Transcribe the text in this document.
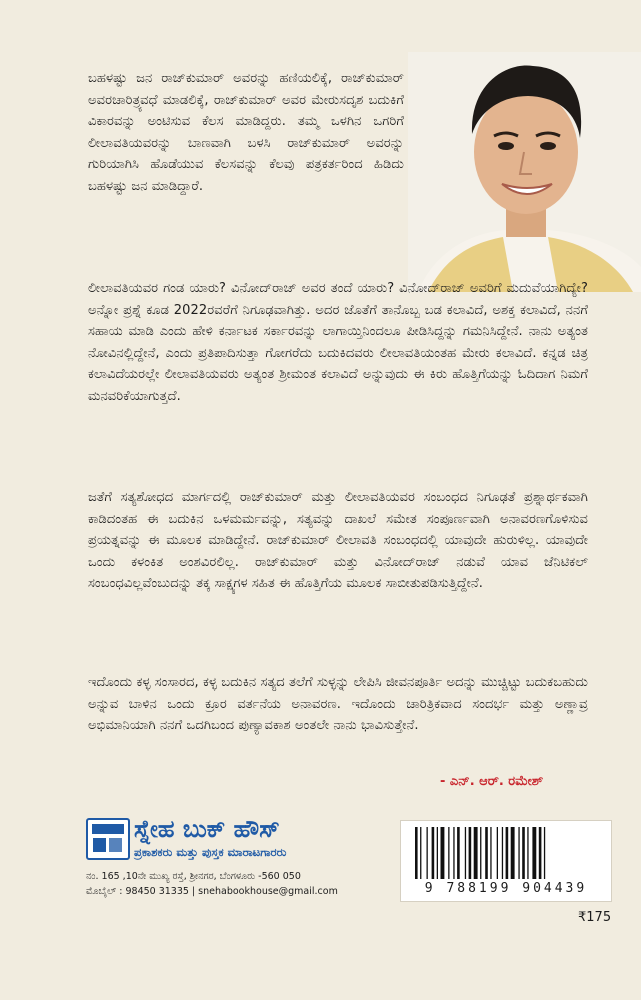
ಬಹಳಷ್ಟು ಜನ ರಾಜ್‌ಕುಮಾರ್ ಅವರನ್ನು ಹಣಿಯಲಿಕ್ಕೆ, ರಾಜ್‌ಕುಮಾರ್ ಅವರಚಾರಿತ್ರ್ಯವಧೆ ಮಾಡಲಿಕ್ಕೆ, ರಾಜ್‌ಕುಮಾರ್ ಅವರ ಮೇರುಸದೃಶ ಬದುಕಿಗೆ ವಿಕಾರವನ್ನು ಅಂಟಿಸುವ ಕೆಲಸ ಮಾಡಿದ್ದರು. ತಮ್ಮ ಒಳಗಿನ ಒಗರಿಗೆ ಲೀಲಾವತಿಯವರನ್ನು ಬಾಣವಾಗಿ ಬಳಸಿ ರಾಜ್‌ಕುಮಾರ್ ಅವರನ್ನು ಗುರಿಯಾಗಿಸಿ ಹೊಡೆಯುವ ಕೆಲಸವನ್ನು ಕೆಲವು ಪತ್ರಕರ್ತರಿಂದ ಹಿಡಿದು ಬಹಳಷ್ಟು ಜನ ಮಾಡಿದ್ದಾರೆ.

ಲೀಲಾವತಿಯವರ ಗಂಡ ಯಾರು? ವಿನೋದ್‌ರಾಜ್ ಅವರ ತಂದೆ ಯಾರು? ವಿನೋದ್‌ರಾಜ್ ಅವರಿಗೆ ಮದುವೆಯಾಗಿದ್ಯೇ? ಅನ್ನೋ ಪ್ರಶ್ನೆ ಕೂಡ 2022ರವರೆಗೆ ನಿಗೂಢವಾಗಿತ್ತು. ಅದರ ಜೊತೆಗೆ ತಾನೊಬ್ಬ ಬಡ ಕಲಾವಿದೆ, ಅಶಕ್ತ ಕಲಾವಿದೆ, ನನಗೆ ಸಹಾಯ ಮಾಡಿ ಎಂದು ಹೇಳಿ ಕರ್ನಾಟಕ ಸರ್ಕಾರವನ್ನು ಲಾಗಾಯ್ತಿನಿಂದಲೂ ಪೀಡಿಸಿದ್ದನ್ನು ಗಮನಿಸಿದ್ದೇನೆ. ನಾನು ಅತ್ಯಂತ ನೋವಿನಲ್ಲಿದ್ದೇನೆ, ಎಂದು ಪ್ರತಿಪಾದಿಸುತ್ತಾ ಗೋಗರೆದು ಬದುಕಿದವರು ಲೀಲಾವತಿಯಂತಹ ಮೇರು ಕಲಾವಿದೆ. ಕನ್ನಡ ಚಿತ್ರ ಕಲಾವಿದೆಯರಲ್ಲೇ ಲೀಲಾವತಿಯವರು ಅತ್ಯಂತ ಶ್ರೀಮಂತ ಕಲಾವಿದೆ ಅನ್ನುವುದು ಈ ಕಿರು ಹೊತ್ತಿಗೆಯನ್ನು ಓದಿದಾಗ ನಿಮಗೆ ಮನವರಿಕೆಯಾಗುತ್ತದೆ.

ಜತೆಗೆ ಸತ್ಯಶೋಧದ ಮಾರ್ಗದಲ್ಲಿ ರಾಜ್‌ಕುಮಾರ್ ಮತ್ತು ಲೀಲಾವತಿಯವರ ಸಂಬಂಧದ ನಿಗೂಢತೆ ಪ್ರಶ್ನಾರ್ಥಕವಾಗಿ ಕಾಡಿದಂತಹ ಈ ಬದುಕಿನ ಒಳಮರ್ಮವನ್ನು, ಸತ್ಯವನ್ನು ದಾಖಲೆ ಸಮೇತ ಸಂಪೂರ್ಣವಾಗಿ ಅನಾವರಣಗೊಳಿಸುವ ಪ್ರಯತ್ನವನ್ನು ಈ ಮೂಲಕ ಮಾಡಿದ್ದೇನೆ. ರಾಜ್‌ಕುಮಾರ್ ಲೀಲಾವತಿ ಸಂಬಂಧದಲ್ಲಿ ಯಾವುದೇ ಹುರುಳಿಲ್ಲ. ಯಾವುದೇ ಒಂದು ಕಳಂಕಿತ ಅಂಶವಿರಲಿಲ್ಲ. ರಾಜ್‌ಕುಮಾರ್ ಮತ್ತು ವಿನೋದ್‌ರಾಜ್ ನಡುವೆ ಯಾವ ಜೆನಿಟಿಕಲ್ ಸಂಬಂಧವಿಲ್ಲವೆಂಬುದನ್ನು ತಕ್ಕ ಸಾಕ್ಷ್ಯಗಳ ಸಹಿತ ಈ ಹೊತ್ತಿಗೆಯ ಮೂಲಕ ಸಾಬೀತುಪಡಿಸುತ್ತಿದ್ದೇನೆ.

ಇದೊಂದು ಕಳ್ಳ ಸಂಸಾರದ, ಕಳ್ಳ ಬದುಕಿನ ಸತ್ಯದ ತಲೆಗೆ ಸುಳ್ಳನ್ನು ಲೇಪಿಸಿ ಜೀವನಪೂರ್ತಿ ಅದನ್ನು ಮುಚ್ಚಿಟ್ಟು ಬದುಕಬಹುದು ಅನ್ನುವ ಬಾಳಿನ ಒಂದು ಕ್ರೂರ ವರ್ತನೆಯ ಅನಾವರಣ. ಇದೊಂದು ಚಾರಿತ್ರಿಕವಾದ ಸಂದರ್ಭ ಮತ್ತು ಅಣ್ಣಾವ್ರ ಅಭಿಮಾನಿಯಾಗಿ ನನಗೆ ಒದಗಿಬಂದ ಪುಣ್ಯಾವಕಾಶ ಅಂತಲೇ ನಾನು ಭಾವಿಸುತ್ತೇನೆ.

- ಎನ್. ಆರ್. ರಮೇಶ್
ಸ್ನೇಹ ಬುಕ್ ಹೌಸ್
ಪ್ರಕಾಶಕರು ಮತ್ತು ಪುಸ್ತಕ ಮಾರಾಟಗಾರರು
ನಂ. 165 ,10ನೇ ಮುಖ್ಯ ರಸ್ತೆ, ಶ್ರೀನಗರ, ಬೆಂಗಳೂರು -560 050
ಮೊಬೈಲ್ : 98450 31335 | snehabookhouse@gmail.com	9 788199 904439
₹175
